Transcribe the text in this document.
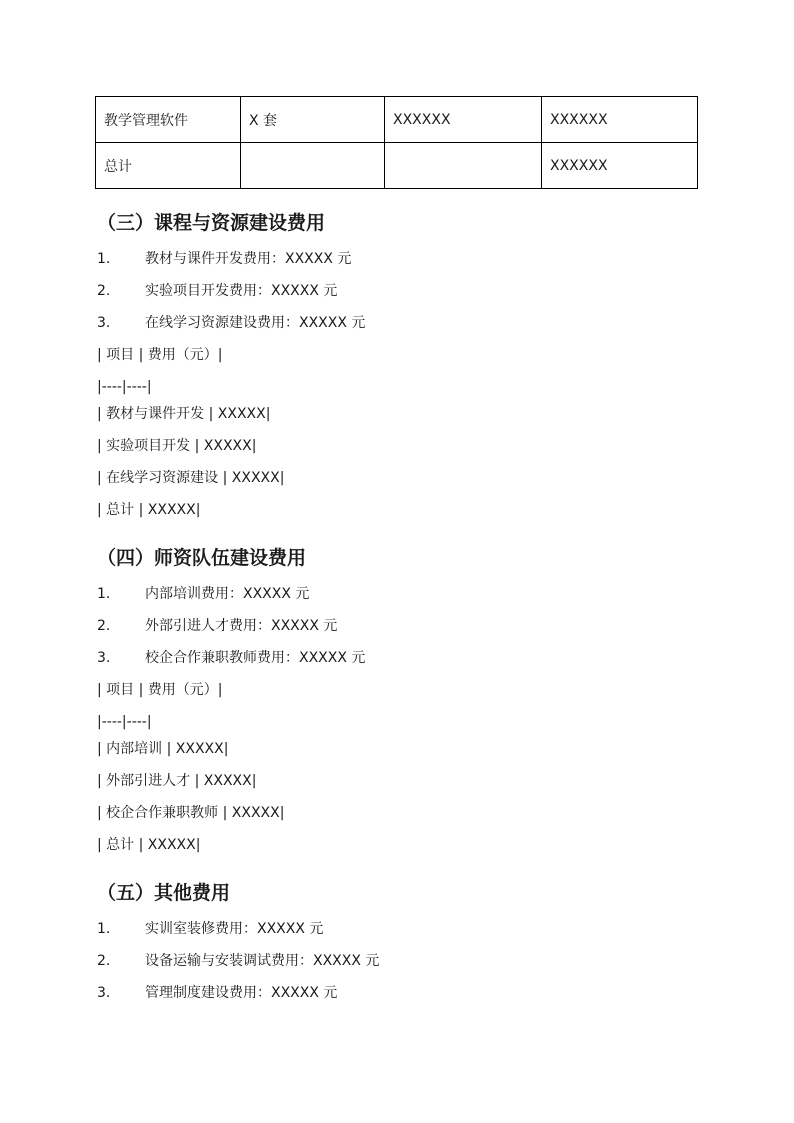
教学管理软件	X 套	XXXXXX	XXXXXX
总计			XXXXXX
（三）课程与资源建设费用
1. 教材与课件开发费用：XXXXX 元
2. 实验项目开发费用：XXXXX 元
3. 在线学习资源建设费用：XXXXX 元
| 项目 | 费用（元）|
|----|----|
| 教材与课件开发 | XXXXX|
| 实验项目开发 | XXXXX|
| 在线学习资源建设 | XXXXX|
| 总计 | XXXXX|
（四）师资队伍建设费用
1. 内部培训费用：XXXXX 元
2. 外部引进人才费用：XXXXX 元
3. 校企合作兼职教师费用：XXXXX 元
| 项目 | 费用（元）|
|----|----|
| 内部培训 | XXXXX|
| 外部引进人才 | XXXXX|
| 校企合作兼职教师 | XXXXX|
| 总计 | XXXXX|
（五）其他费用
1. 实训室装修费用：XXXXX 元
2. 设备运输与安装调试费用：XXXXX 元
3. 管理制度建设费用：XXXXX 元
